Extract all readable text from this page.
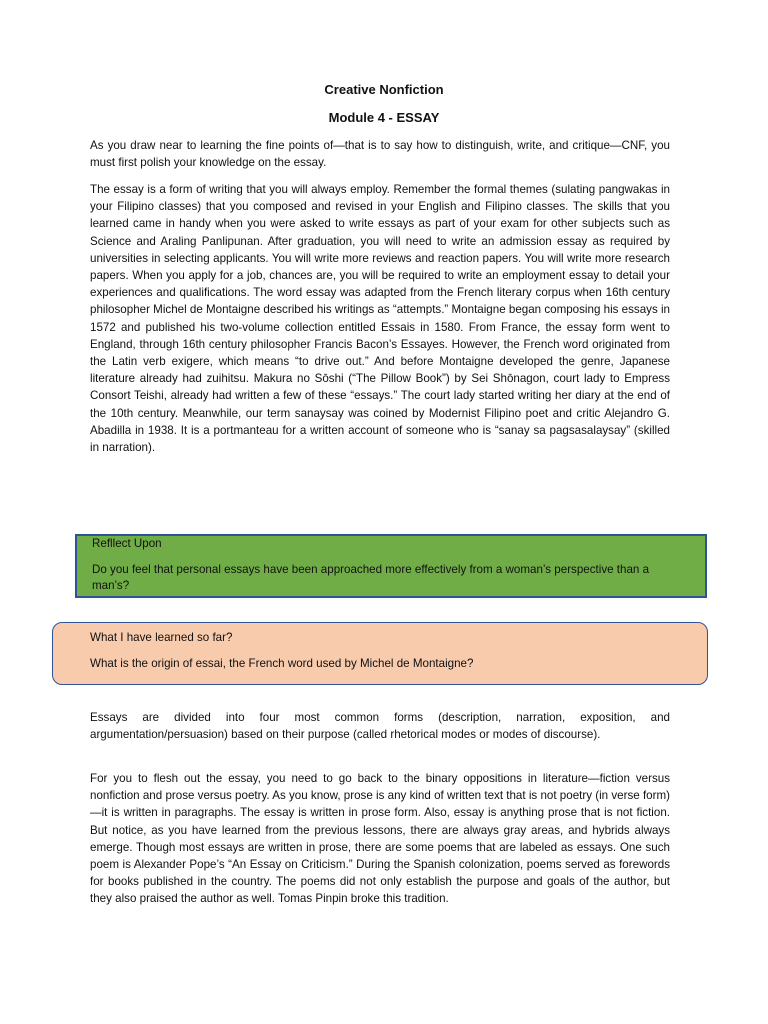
Creative Nonfiction
Module 4 - ESSAY

As you draw near to learning the fine points of—that is to say how to distinguish, write, and critique—CNF, you must first polish your knowledge on the essay.

The essay is a form of writing that you will always employ. Remember the formal themes (sulating pangwakas in your Filipino classes) that you composed and revised in your English and Filipino classes. The skills that you learned came in handy when you were asked to write essays as part of your exam for other subjects such as Science and Araling Panlipunan. After graduation, you will need to write an admission essay as required by universities in selecting applicants. You will write more reviews and reaction papers. You will write more research papers. When you apply for a job, chances are, you will be required to write an employment essay to detail your experiences and qualifications. The word essay was adapted from the French literary corpus when 16th century philosopher Michel de Montaigne described his writings as “attempts.” Montaigne began composing his essays in 1572 and published his two-volume collection entitled Essais in 1580. From France, the essay form went to England, through 16th century philosopher Francis Bacon’s Essayes. However, the French word originated from the Latin verb exigere, which means “to drive out.” And before Montaigne developed the genre, Japanese literature already had zuihitsu. Makura no Sōshi (“The Pillow Book”) by Sei Shōnagon, court lady to Empress Consort Teishi, already had written a few of these “essays.” The court lady started writing her diary at the end of the 10th century. Meanwhile, our term sanaysay was coined by Modernist Filipino poet and critic Alejandro G. Abadilla in 1938. It is a portmanteau for a written account of someone who is “sanay sa pagsasalaysay” (skilled in narration).

Refllect Upon
Do you feel that personal essays have been approached more effectively from a woman’s perspective than a man’s?
What I have learned so far?
What is the origin of essai, the French word used by Michel de Montaigne?

Essays are divided into four most common forms (description, narration, exposition, and argumentation/persuasion) based on their purpose (called rhetorical modes or modes of discourse).

For you to flesh out the essay, you need to go back to the binary oppositions in literature—fiction versus nonfiction and prose versus poetry. As you know, prose is any kind of written text that is not poetry (in verse form)—it is written in paragraphs. The essay is written in prose form. Also, essay is anything prose that is not fiction. But notice, as you have learned from the previous lessons, there are always gray areas, and hybrids always emerge. Though most essays are written in prose, there are some poems that are labeled as essays. One such poem is Alexander Pope’s “An Essay on Criticism.” During the Spanish colonization, poems served as forewords for books published in the country. The poems did not only establish the purpose and goals of the author, but they also praised the author as well. Tomas Pinpin broke this tradition.
